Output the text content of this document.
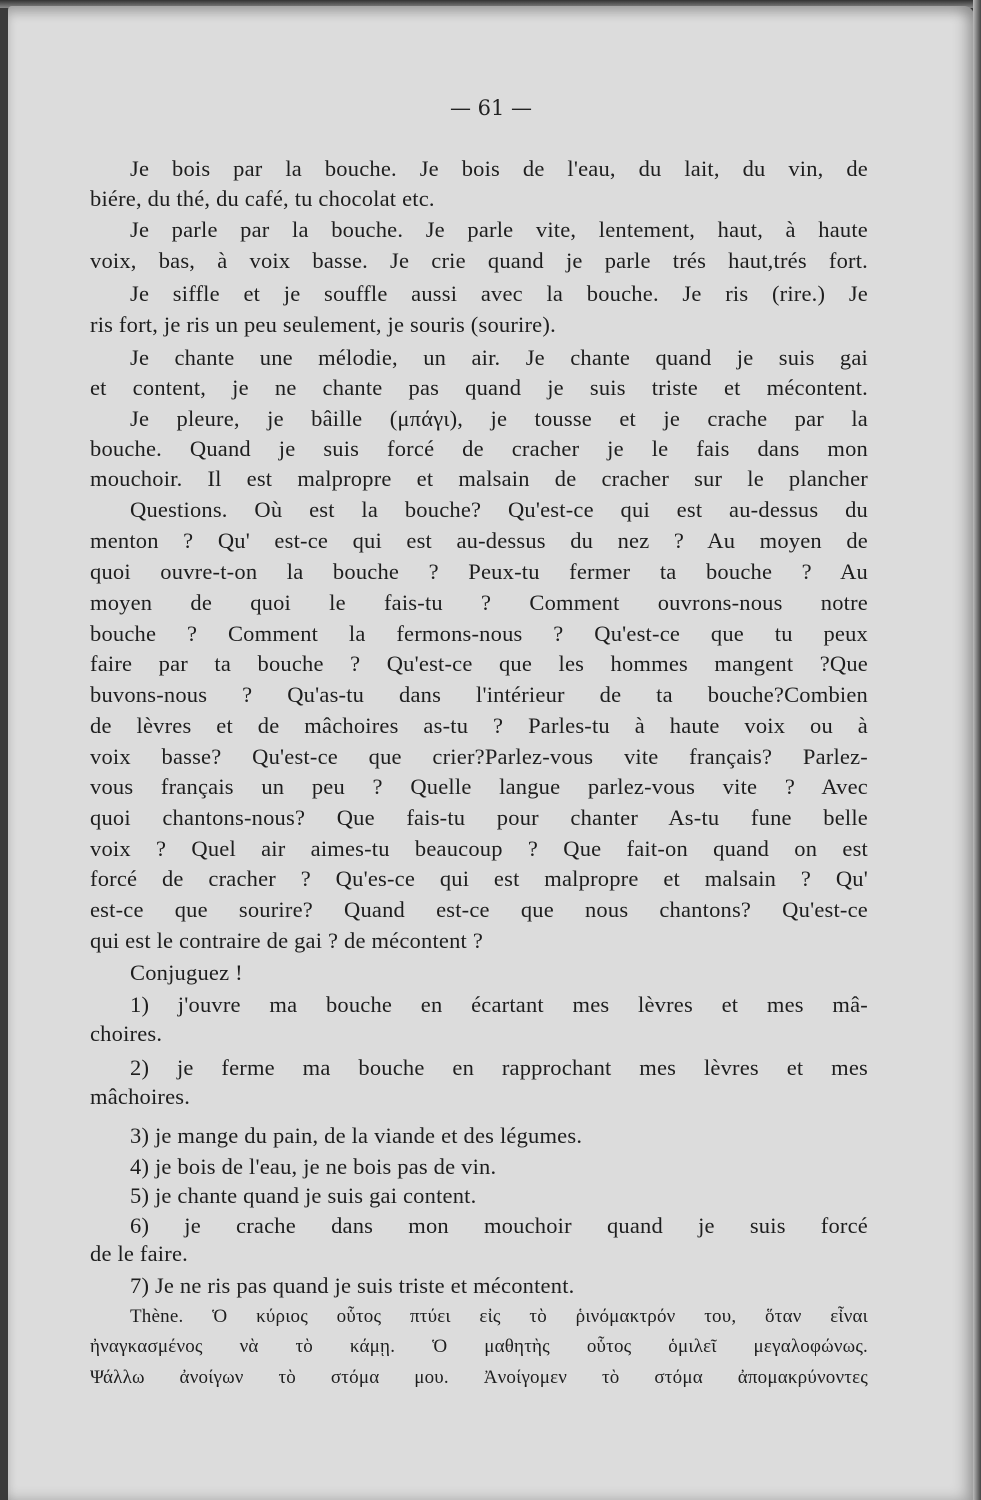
— 61 —
Je bois par la bouche. Je bois de l'eau, du lait, du vin, de
biére, du thé, du café, tu chocolat etc.
Je parle par la bouche. Je parle vite, lentement, haut, à haute
voix, bas, à voix basse. Je crie quand je parle trés haut,trés fort.
Je siffle et je souffle aussi avec la bouche. Je ris (rire.) Je
ris fort, je ris un peu seulement, je souris (sourire).
Je chante une mélodie, un air. Je chante quand je suis gai
et content, je ne chante pas quand je suis triste et mécontent.
Je pleure, je bâille (μπάγι), je tousse et je crache par la
bouche. Quand je suis forcé de cracher je le fais dans mon
mouchoir. Il est malpropre et malsain de cracher sur le plancher
Questions. Où est la bouche? Qu'est-ce qui est au-dessus du
menton ? Qu' est-ce qui est au-dessus du nez ? Au moyen de
quoi ouvre-t-on la bouche ? Peux-tu fermer ta bouche ? Au
moyen de quoi le fais-tu ? Comment ouvrons-nous notre
bouche ? Comment la fermons-nous ? Qu'est-ce que tu peux
faire par ta bouche ? Qu'est-ce que les hommes mangent ?Que
buvons-nous ? Qu'as-tu dans l'intérieur de ta bouche?Combien
de lèvres et de mâchoires as-tu ? Parles-tu à haute voix ou à
voix basse? Qu'est-ce que crier?Parlez-vous vite français? Parlez-
vous français un peu ? Quelle langue parlez-vous vite ? Avec
quoi chantons-nous? Que fais-tu pour chanter As-tu fune belle
voix ? Quel air aimes-tu beaucoup ? Que fait-on quand on est
forcé de cracher ? Qu'es-ce qui est malpropre et malsain ? Qu'
est-ce que sourire? Quand est-ce que nous chantons? Qu'est-ce
qui est le contraire de gai ? de mécontent ?
Conjuguez !
1) j'ouvre ma bouche en écartant mes lèvres et mes mâ-
choires.
2) je ferme ma bouche en rapprochant mes lèvres et mes
mâchoires.
3) je mange du pain, de la viande et des légumes.
4) je bois de l'eau, je ne bois pas de vin.
5) je chante quand je suis gai content.
6) je crache dans mon mouchoir quand je suis forcé
de le faire.
7) Je ne ris pas quand je suis triste et mécontent.
Thène. Ὁ κύριος οὗτος πτύει εἰς τὸ ῥινόμακτρόν του, ὅταν εἶναι
ἠναγκασμένος νὰ τὸ κάμῃ. Ὁ μαθητὴς οὗτος ὁμιλεῖ μεγαλοφώνως.
Ψάλλω ἀνοίγων τὸ στόμα μου. Ἀνοίγομεν τὸ στόμα ἀπομακρύνοντες
